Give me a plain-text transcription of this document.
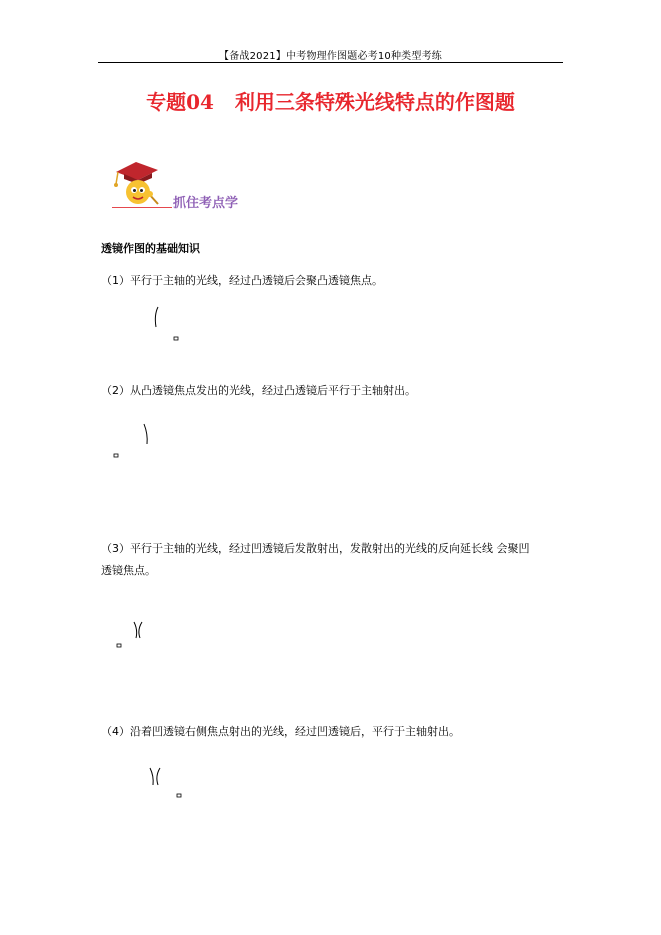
【备战2021】中考物理作图题必考10种类型考练
专题04   利用三条特殊光线特点的作图题
抓住考点学
透镜作图的基础知识
（1）平行于主轴的光线，经过凸透镜后会聚凸透镜焦点。
（2）从凸透镜焦点发出的光线，经过凸透镜后平行于主轴射出。
（3）平行于主轴的光线，经过凹透镜后发散射出，发散射出的光线的反向延长线 会聚凹
透镜焦点。
（4）沿着凹透镜右侧焦点射出的光线，经过凹透镜后，平行于主轴射出。
